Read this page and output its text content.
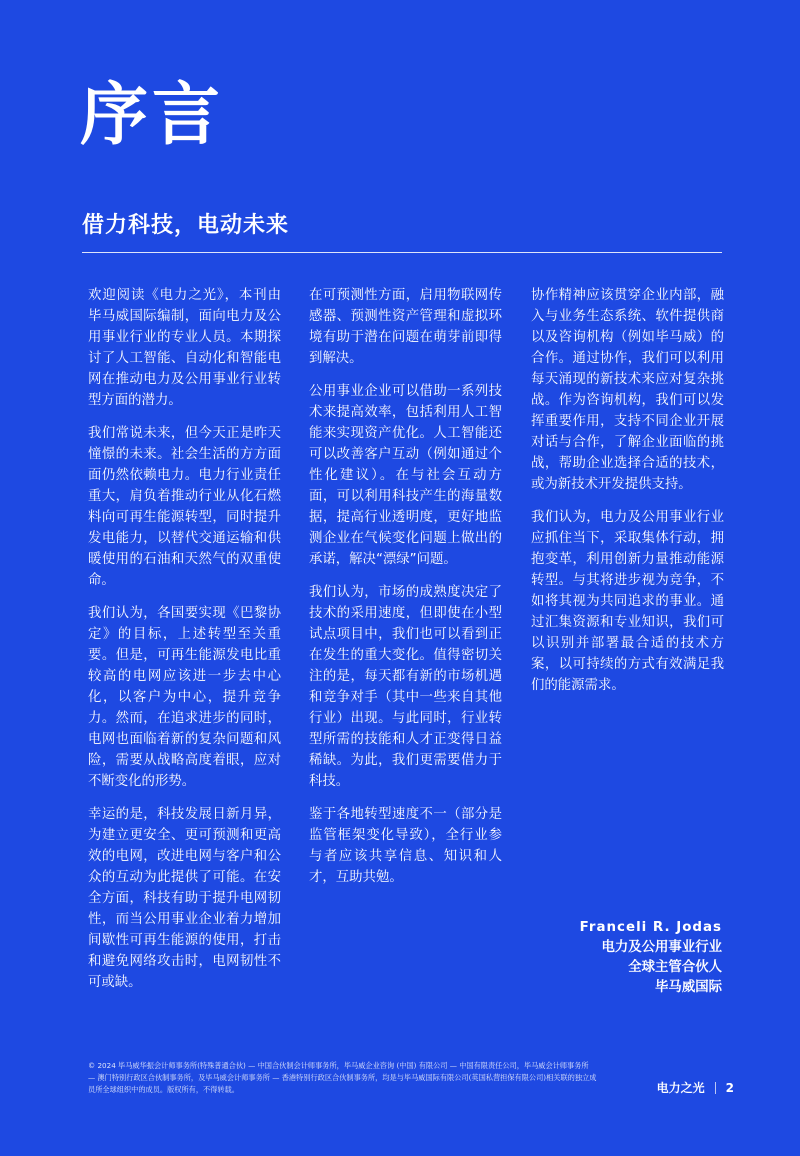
序言
借力科技，电动未来

欢迎阅读《电力之光》，本刊由毕马威国际编制，面向电力及公用事业行业的专业人员。本期探讨了人工智能、自动化和智能电网在推动电力及公用事业行业转型方面的潜力。

我们常说未来，但今天正是昨天憧憬的未来。社会生活的方方面面仍然依赖电力。电力行业责任重大，肩负着推动行业从化石燃料向可再生能源转型，同时提升发电能力，以替代交通运输和供暖使用的石油和天然气的双重使命。

我们认为，各国要实现《巴黎协定》的目标，上述转型至关重要。但是，可再生能源发电比重较高的电网应该进一步去中心化，以客户为中心，提升竞争力。然而，在追求进步的同时，电网也面临着新的复杂问题和风险，需要从战略高度着眼，应对不断变化的形势。

幸运的是，科技发展日新月异，为建立更安全、更可预测和更高效的电网，改进电网与客户和公众的互动为此提供了可能。在安全方面，科技有助于提升电网韧性，而当公用事业企业着力增加间歇性可再生能源的使用，打击和避免网络攻击时，电网韧性不可或缺。

在可预测性方面，启用物联网传感器、预测性资产管理和虚拟环境有助于潜在问题在萌芽前即得到解决。

公用事业企业可以借助一系列技术来提高效率，包括利用人工智能来实现资产优化。人工智能还可以改善客户互动（例如通过个性化建议）。在与社会互动方面，可以利用科技产生的海量数据，提高行业透明度，更好地监测企业在气候变化问题上做出的承诺，解决“漂绿”问题。

我们认为，市场的成熟度决定了技术的采用速度，但即使在小型试点项目中，我们也可以看到正在发生的重大变化。值得密切关注的是，每天都有新的市场机遇和竞争对手（其中一些来自其他行业）出现。与此同时，行业转型所需的技能和人才正变得日益稀缺。为此，我们更需要借力于科技。

鉴于各地转型速度不一（部分是监管框架变化导致），全行业参与者应该共享信息、知识和人才，互助共勉。

协作精神应该贯穿企业内部，融入与业务生态系统、软件提供商以及咨询机构（例如毕马威）的合作。通过协作，我们可以利用每天涌现的新技术来应对复杂挑战。作为咨询机构，我们可以发挥重要作用，支持不同企业开展对话与合作，了解企业面临的挑战，帮助企业选择合适的技术，或为新技术开发提供支持。

我们认为，电力及公用事业行业应抓住当下，采取集体行动，拥抱变革，利用创新力量推动能源转型。与其将进步视为竞争，不如将其视为共同追求的事业。通过汇集资源和专业知识，我们可以识别并部署最合适的技术方案，以可持续的方式有效满足我们的能源需求。

Franceli R. Jodas
电力及公用事业行业
全球主管合伙人
毕马威国际
© 2024 毕马威华振会计师事务所(特殊普通合伙) — 中国合伙制会计师事务所，毕马威企业咨询 (中国) 有限公司 — 中国有限责任公司，毕马威会计师事务所 — 澳门特别行政区合伙制事务所，及毕马威会计师事务所 — 香港特别行政区合伙制事务所，均是与毕马威国际有限公司(英国私营担保有限公司)相关联的独立成员所全球组织中的成员。版权所有，不得转载。	电力之光 2
